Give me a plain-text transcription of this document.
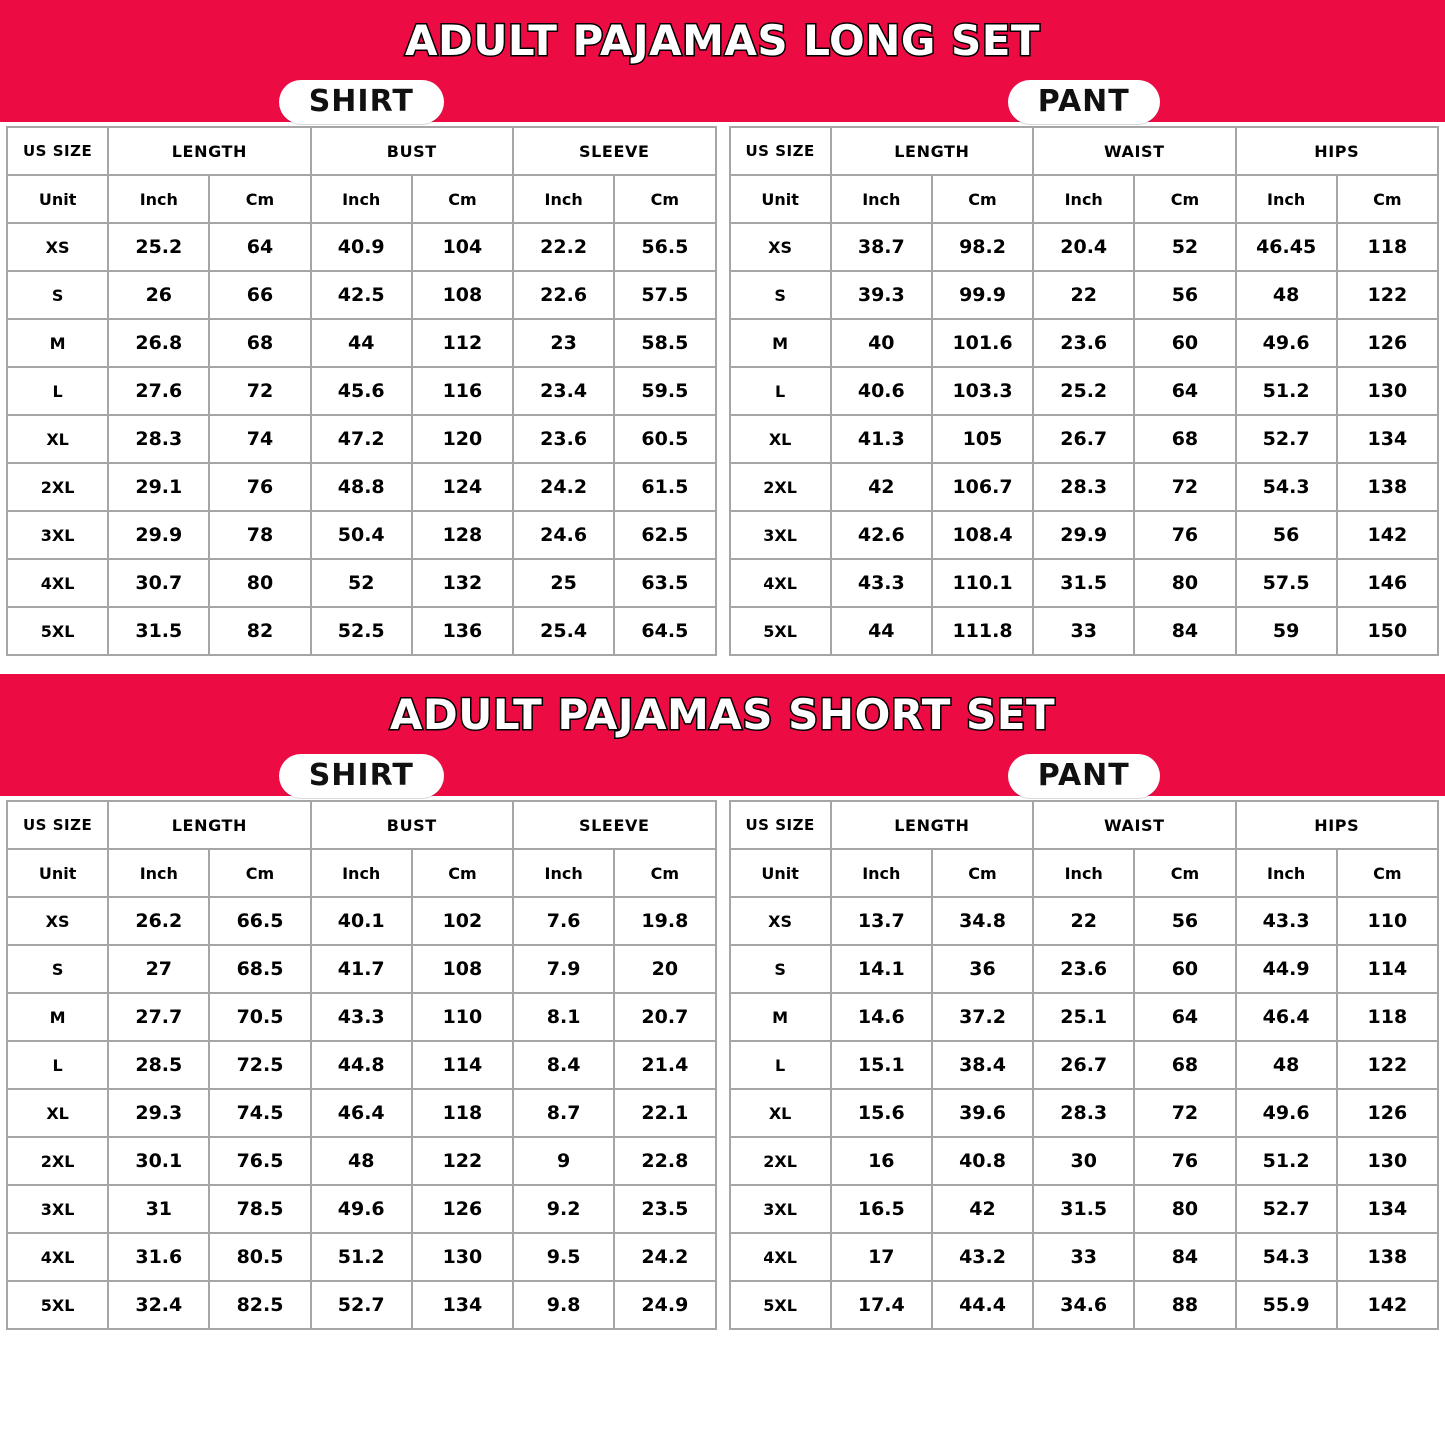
ADULT PAJAMAS LONG SET
SHIRT	PANT
US SIZE	LENGTH		BUST		SLEEVE	
Unit	Inch	Cm	Inch	Cm	Inch	Cm
XS	25.2	64	40.9	104	22.2	56.5
S	26	66	42.5	108	22.6	57.5
M	26.8	68	44	112	23	58.5
L	27.6	72	45.6	116	23.4	59.5
XL	28.3	74	47.2	120	23.6	60.5
2XL	29.1	76	48.8	124	24.2	61.5
3XL	29.9	78	50.4	128	24.6	62.5
4XL	30.7	80	52	132	25	63.5
5XL	31.5	82	52.5	136	25.4	64.5
US SIZE	LENGTH		WAIST		HIPS	
Unit	Inch	Cm	Inch	Cm	Inch	Cm
XS	38.7	98.2	20.4	52	46.45	118
S	39.3	99.9	22	56	48	122
M	40	101.6	23.6	60	49.6	126
L	40.6	103.3	25.2	64	51.2	130
XL	41.3	105	26.7	68	52.7	134
2XL	42	106.7	28.3	72	54.3	138
3XL	42.6	108.4	29.9	76	56	142
4XL	43.3	110.1	31.5	80	57.5	146
5XL	44	111.8	33	84	59	150
ADULT PAJAMAS SHORT SET
SHIRT	PANT
US SIZE	LENGTH		BUST		SLEEVE	
Unit	Inch	Cm	Inch	Cm	Inch	Cm
XS	26.2	66.5	40.1	102	7.6	19.8
S	27	68.5	41.7	108	7.9	20
M	27.7	70.5	43.3	110	8.1	20.7
L	28.5	72.5	44.8	114	8.4	21.4
XL	29.3	74.5	46.4	118	8.7	22.1
2XL	30.1	76.5	48	122	9	22.8
3XL	31	78.5	49.6	126	9.2	23.5
4XL	31.6	80.5	51.2	130	9.5	24.2
5XL	32.4	82.5	52.7	134	9.8	24.9
US SIZE	LENGTH		WAIST		HIPS	
Unit	Inch	Cm	Inch	Cm	Inch	Cm
XS	13.7	34.8	22	56	43.3	110
S	14.1	36	23.6	60	44.9	114
M	14.6	37.2	25.1	64	46.4	118
L	15.1	38.4	26.7	68	48	122
XL	15.6	39.6	28.3	72	49.6	126
2XL	16	40.8	30	76	51.2	130
3XL	16.5	42	31.5	80	52.7	134
4XL	17	43.2	33	84	54.3	138
5XL	17.4	44.4	34.6	88	55.9	142
